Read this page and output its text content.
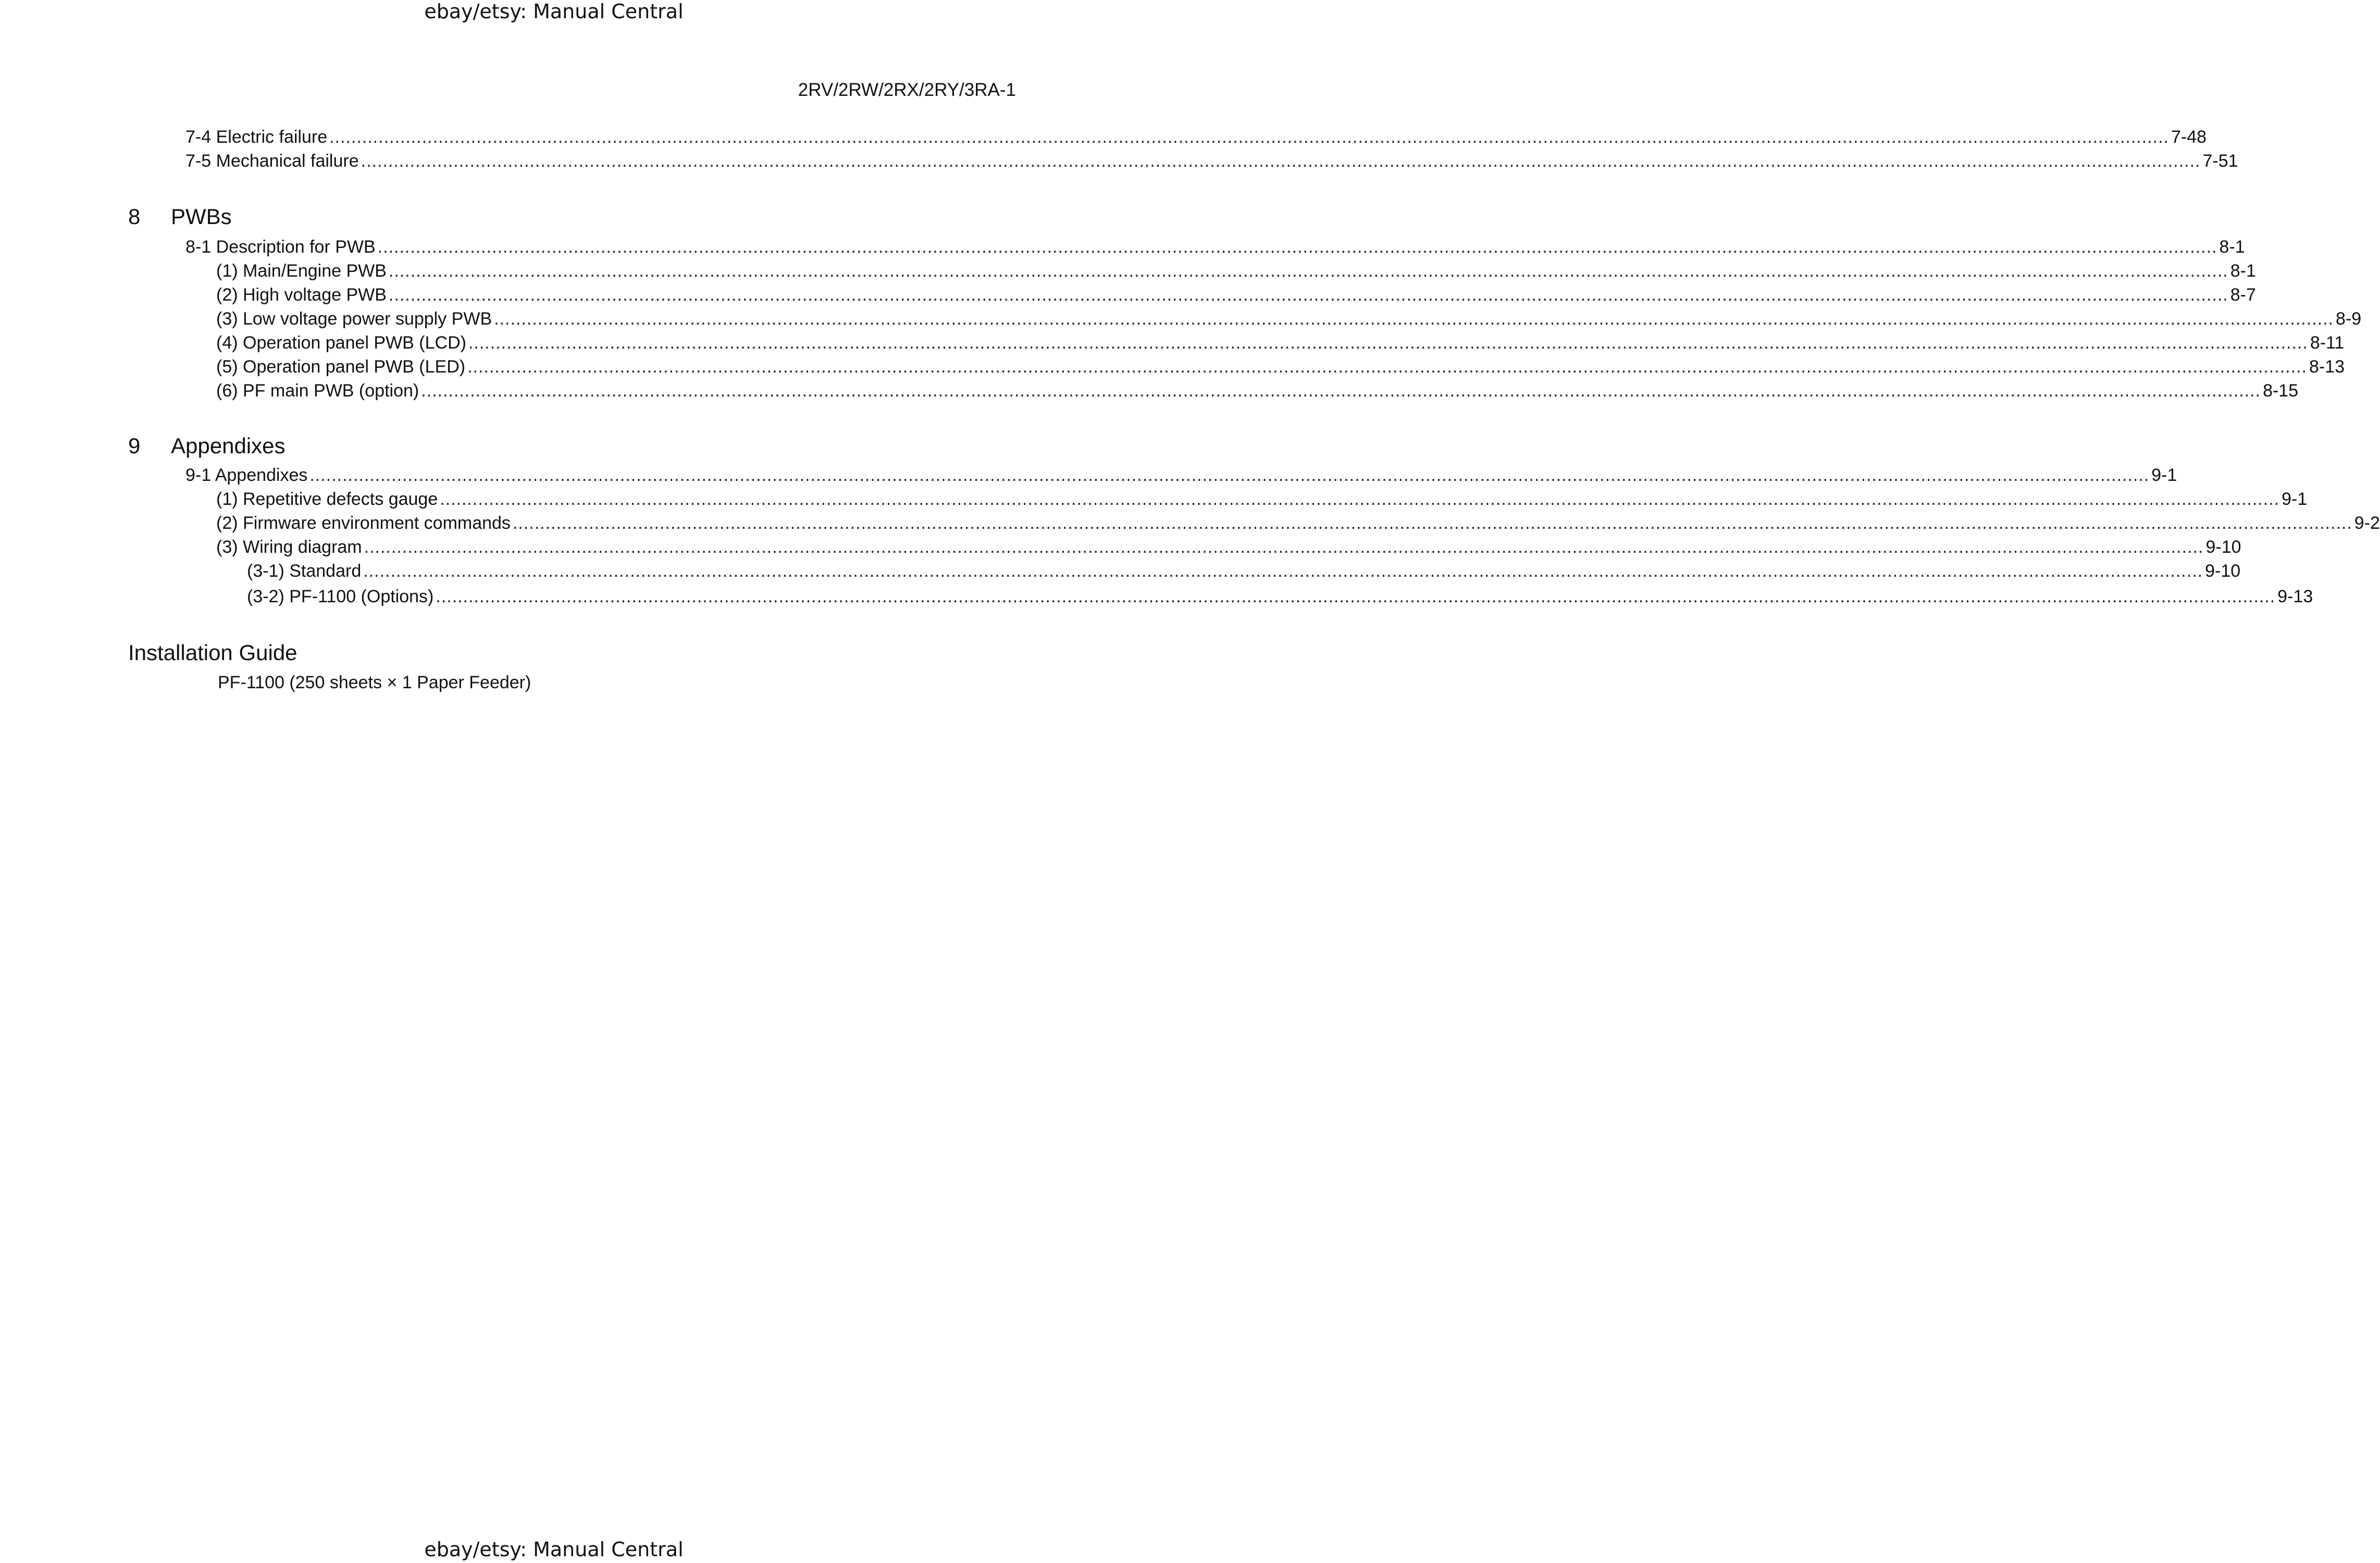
ebay/etsy: Manual Central
2RV/2RW/2RX/2RY/3RA-1
7-4 Electric failure .................................................................................................................................................................................................................................................................................................................................................. 7-48
7-5 Mechanical failure .................................................................................................................................................................................................................................................................................................................................................. 7-51
8	PWBs
8-1 Description for PWB .................................................................................................................................................................................................................................................................................................................................................. 8-1
(1) Main/Engine PWB .................................................................................................................................................................................................................................................................................................................................................. 8-1
(2) High voltage PWB .................................................................................................................................................................................................................................................................................................................................................. 8-7
(3) Low voltage power supply PWB .................................................................................................................................................................................................................................................................................................................................................. 8-9
(4) Operation panel PWB (LCD) .................................................................................................................................................................................................................................................................................................................................................. 8-11
(5) Operation panel PWB (LED) .................................................................................................................................................................................................................................................................................................................................................. 8-13
(6) PF main PWB (option) .................................................................................................................................................................................................................................................................................................................................................. 8-15
9	Appendixes
9-1 Appendixes .................................................................................................................................................................................................................................................................................................................................................. 9-1
(1) Repetitive defects gauge .................................................................................................................................................................................................................................................................................................................................................. 9-1
(2) Firmware environment commands .................................................................................................................................................................................................................................................................................................................................................. 9-2
(3) Wiring diagram .................................................................................................................................................................................................................................................................................................................................................. 9-10
(3-1) Standard .................................................................................................................................................................................................................................................................................................................................................. 9-10
(3-2) PF-1100 (Options) .................................................................................................................................................................................................................................................................................................................................................. 9-13
Installation Guide
PF-1100 (250 sheets × 1 Paper Feeder)
ebay/etsy: Manual Central
